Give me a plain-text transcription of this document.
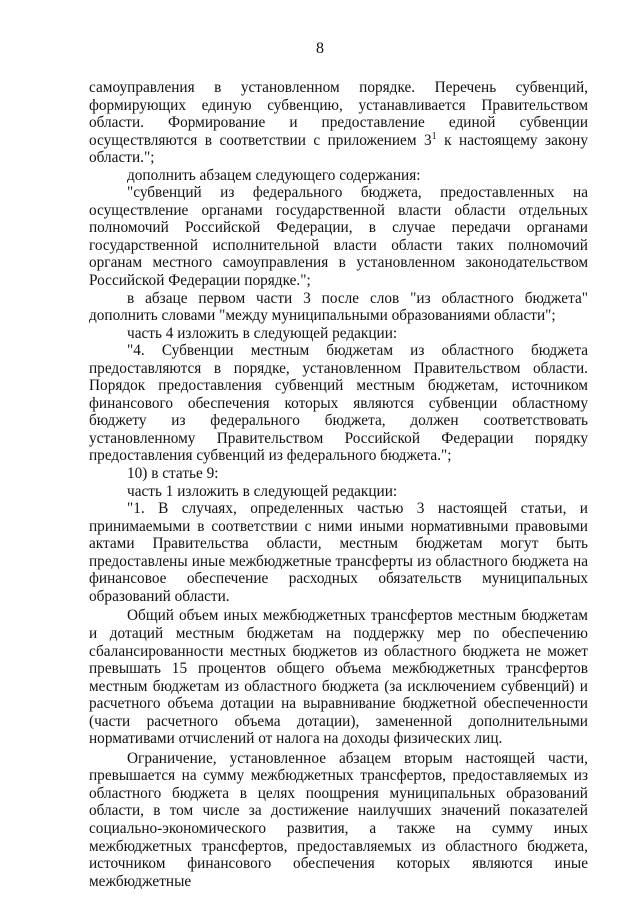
8

самоуправления в установленном порядке. Перечень субвенций, формирующих единую субвенцию, устанавливается Правительством области. Формирование и предоставление единой субвенции осуществляются в соответствии с приложением $3^1$ к настоящему закону области.";

дополнить абзацем следующего содержания:

"субвенций из федерального бюджета, предоставленных на осуществление органами государственной власти области отдельных полномочий Российской Федерации, в случае передачи органами государственной исполнительной власти области таких полномочий органам местного самоуправления в установленном законодательством Российской Федерации порядке.";

в абзаце первом части 3 после слов "из областного бюджета" дополнить словами "между муниципальными образованиями области";

часть 4 изложить в следующей редакции:

"4. Субвенции местным бюджетам из областного бюджета предоставляются в порядке, установленном Правительством области. Порядок предоставления субвенций местным бюджетам, источником финансового обеспечения которых являются субвенции областному бюджету из федерального бюджета, должен соответствовать установленному Правительством Российской Федерации порядку предоставления субвенций из федерального бюджета.";

10) в статье 9:

часть 1 изложить в следующей редакции:

"1. В случаях, определенных частью 3 настоящей статьи, и принимаемыми в соответствии с ними иными нормативными правовыми актами Правительства области, местным бюджетам могут быть предоставлены иные межбюджетные трансферты из областного бюджета на финансовое обеспечение расходных обязательств муниципальных образований области.

Общий объем иных межбюджетных трансфертов местным бюджетам и дотаций местным бюджетам на поддержку мер по обеспечению сбалансированности местных бюджетов из областного бюджета не может превышать 15 процентов общего объема межбюджетных трансфертов местным бюджетам из областного бюджета (за исключением субвенций) и расчетного объема дотации на выравнивание бюджетной обеспеченности (части расчетного объема дотации), замененной дополнительными нормативами отчислений от налога на доходы физических лиц.

Ограничение, установленное абзацем вторым настоящей части, превышается на сумму межбюджетных трансфертов, предоставляемых из областного бюджета в целях поощрения муниципальных образований области, в том числе за достижение наилучших значений показателей социально-экономического развития, а также на сумму иных межбюджетных трансфертов, предоставляемых из областного бюджета, источником финансового обеспечения которых являются иные межбюджетные
